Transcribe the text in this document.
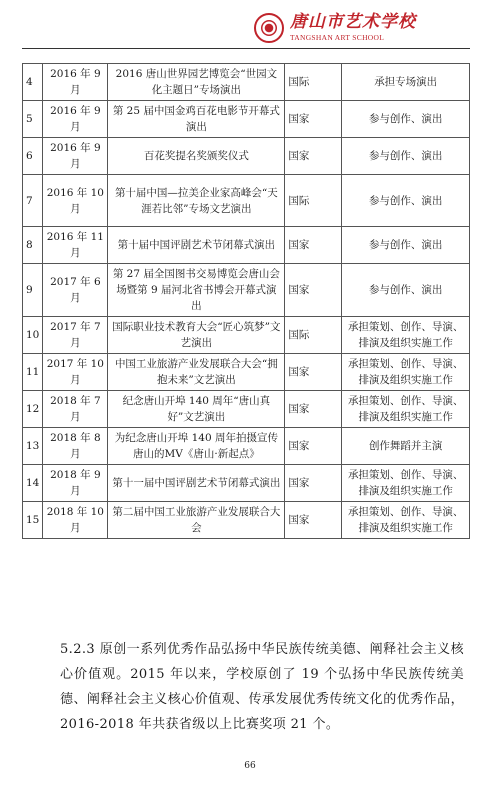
唐山市艺术学校
TANGSHAN ART SCHOOL
4	2016 年 9月	2016 唐山世界园艺博览会“世园文化主题日”专场演出	国际	承担专场演出
5	2016 年 9月	第 25 届中国金鸡百花电影节开幕式演出	国家	参与创作、演出
6	2016 年 9月	百花奖提名奖颁奖仪式	国家	参与创作、演出
7	2016 年 10月	第十届中国—拉美企业家高峰会“天涯若比邻”专场文艺演出	国际	参与创作、演出
8	2016 年 11月	第十届中国评剧艺术节闭幕式演出	国家	参与创作、演出
9	2017 年 6月	第 27 届全国图书交易博览会唐山会场暨第 9 届河北省书博会开幕式演出	国家	参与创作、演出
10	2017 年 7月	国际职业技术教育大会“匠心筑梦”文艺演出	国际	承担策划、创作、导演、排演及组织实施工作
11	2017 年 10月	中国工业旅游产业发展联合大会“拥抱未来”文艺演出	国家	承担策划、创作、导演、排演及组织实施工作
12	2018 年 7月	纪念唐山开埠 140 周年“唐山真好”文艺演出	国家	承担策划、创作、导演、排演及组织实施工作
13	2018 年 8月	为纪念唐山开埠 140 周年拍摄宣传唐山的MV《唐山·新起点》	国家	创作舞蹈并主演
14	2018 年 9月	第十一届中国评剧艺术节闭幕式演出	国家	承担策划、创作、导演、排演及组织实施工作
15	2018 年 10月	第二届中国工业旅游产业发展联合大会	国家	承担策划、创作、导演、排演及组织实施工作
5.2.3 原创一系列优秀作品弘扬中华民族传统美德、阐释社会主义核心价值观。2015 年以来，学校原创了 19 个弘扬中华民族传统美德、阐释社会主义核心价值观、传承发展优秀传统文化的优秀作品，2016-2018 年共获省级以上比赛奖项 21 个。
66
